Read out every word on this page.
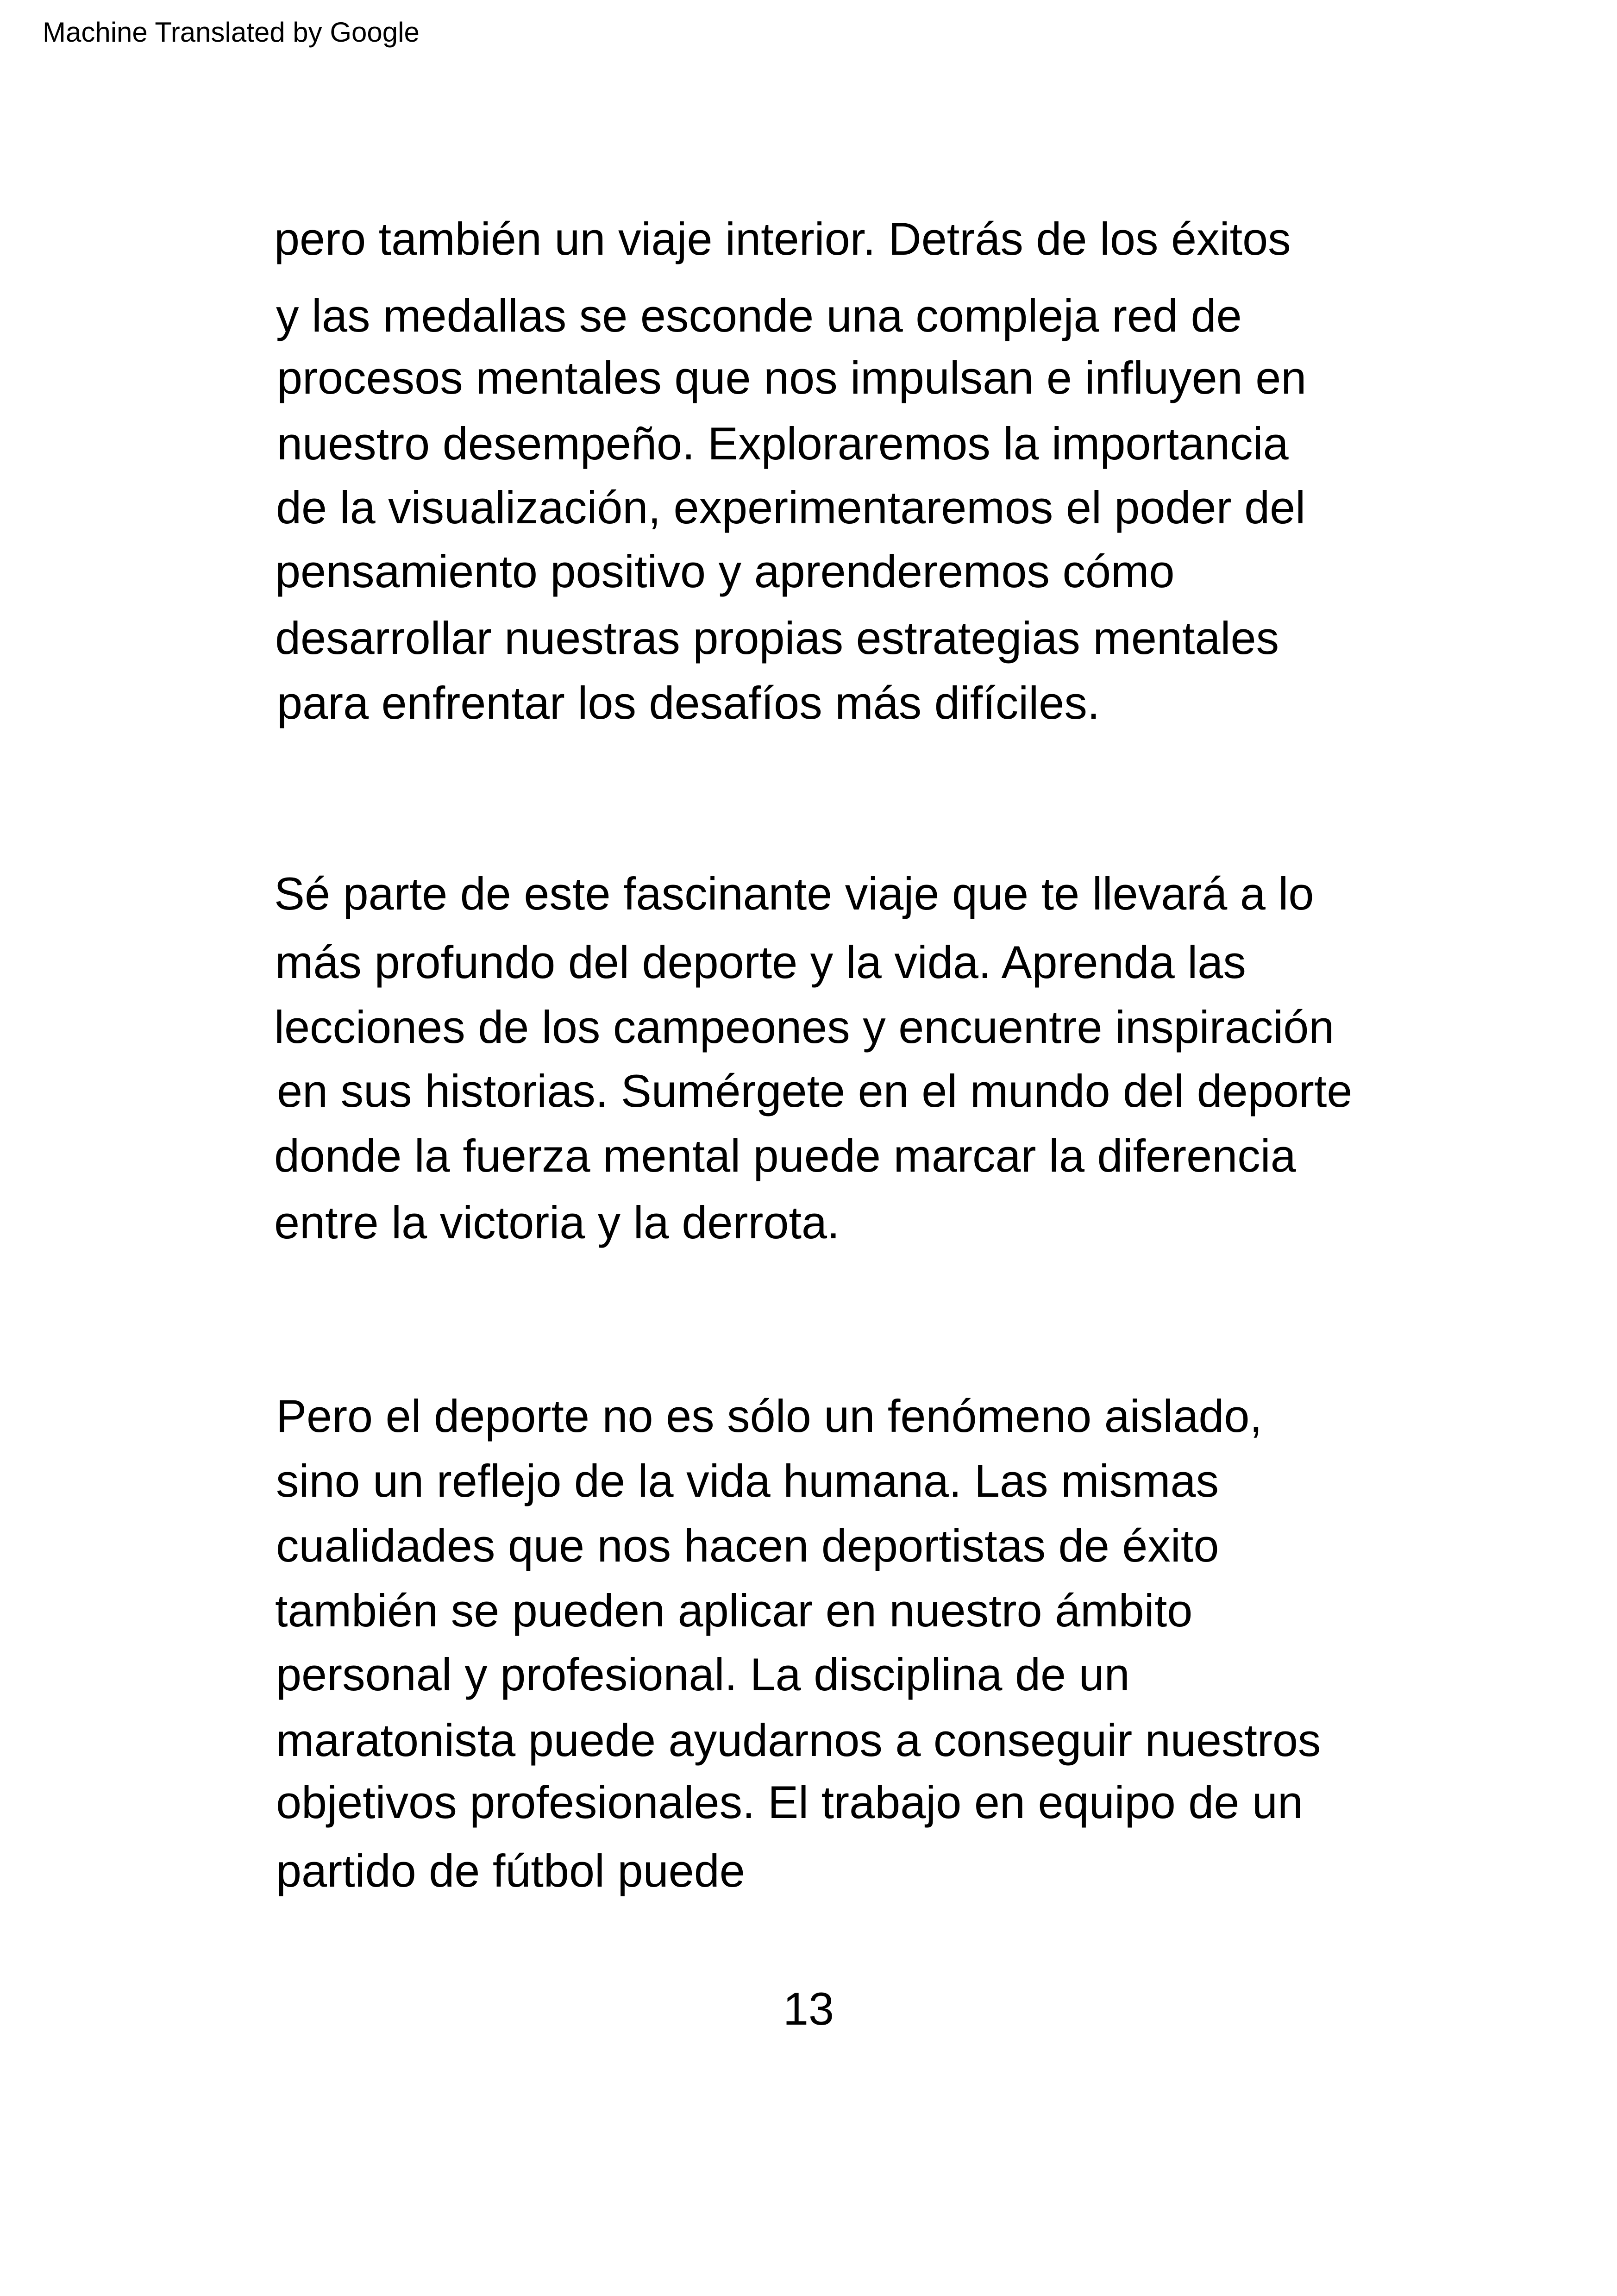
Machine Translated by Google
pero también un viaje interior. Detrás de los éxitos
y las medallas se esconde una compleja red de
procesos mentales que nos impulsan e influyen en
nuestro desempeño. Exploraremos la importancia
de la visualización, experimentaremos el poder del
pensamiento positivo y aprenderemos cómo
desarrollar nuestras propias estrategias mentales
para enfrentar los desafíos más difíciles.
Sé parte de este fascinante viaje que te llevará a lo
más profundo del deporte y la vida. Aprenda las
lecciones de los campeones y encuentre inspiración
en sus historias. Sumérgete en el mundo del deporte
donde la fuerza mental puede marcar la diferencia
entre la victoria y la derrota.
Pero el deporte no es sólo un fenómeno aislado,
sino un reflejo de la vida humana. Las mismas
cualidades que nos hacen deportistas de éxito
también se pueden aplicar en nuestro ámbito
personal y profesional. La disciplina de un
maratonista puede ayudarnos a conseguir nuestros
objetivos profesionales. El trabajo en equipo de un
partido de fútbol puede
13
